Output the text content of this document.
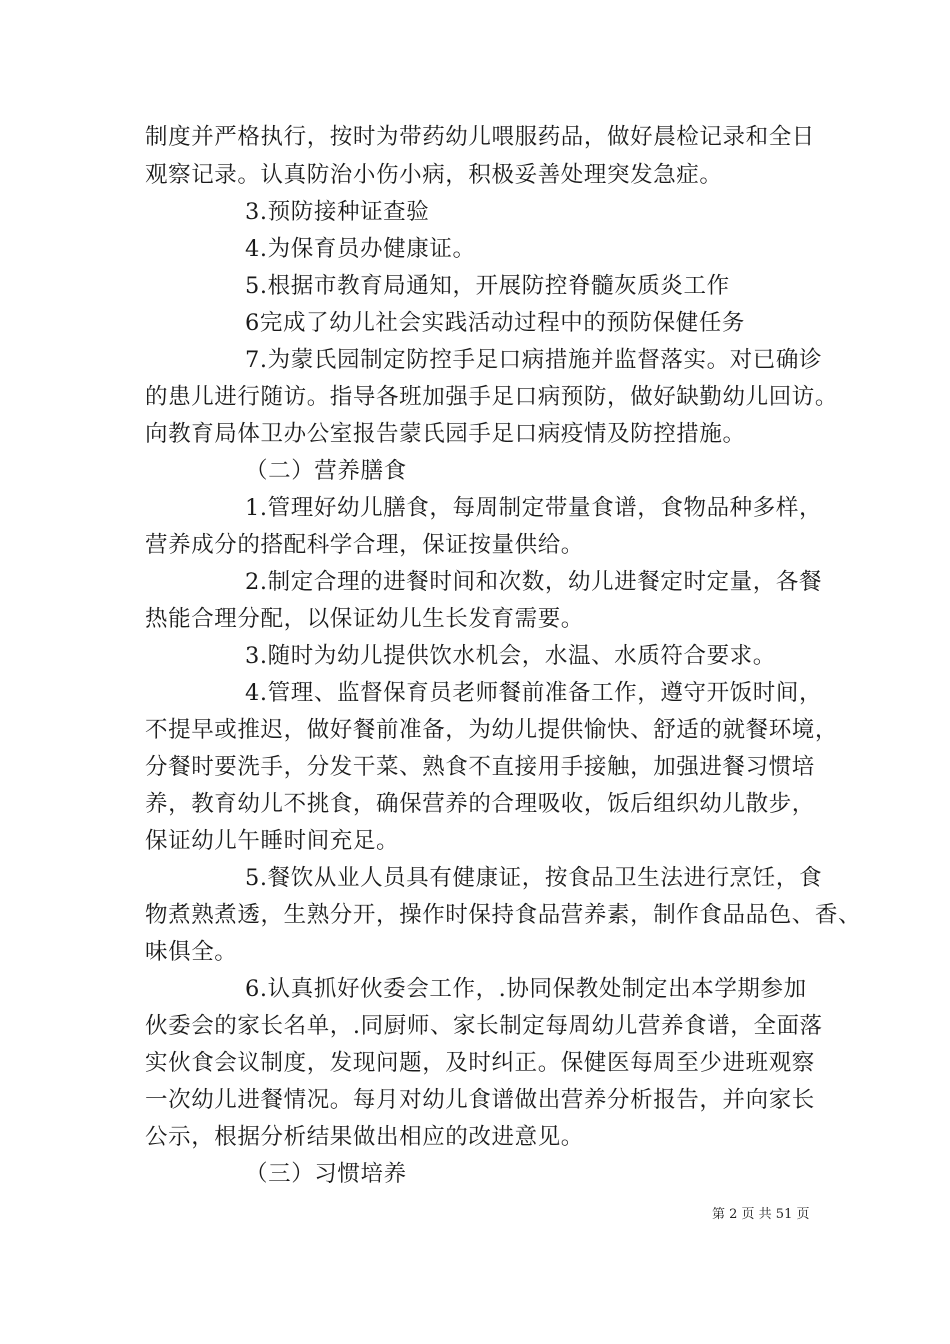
制度并严格执行，按时为带药幼儿喂服药品，做好晨检记录和全日
观察记录。认真防治小伤小病，积极妥善处理突发急症。
3.预防接种证查验
4.为保育员办健康证。
5.根据市教育局通知，开展防控脊髓灰质炎工作
6完成了幼儿社会实践活动过程中的预防保健任务
7.为蒙氏园制定防控手足口病措施并监督落实。对已确诊
的患儿进行随访。指导各班加强手足口病预防，做好缺勤幼儿回访。
向教育局体卫办公室报告蒙氏园手足口病疫情及防控措施。
（二）营养膳食
1.管理好幼儿膳食，每周制定带量食谱，食物品种多样，
营养成分的搭配科学合理，保证按量供给。
2.制定合理的进餐时间和次数，幼儿进餐定时定量，各餐
热能合理分配，以保证幼儿生长发育需要。
3.随时为幼儿提供饮水机会，水温、水质符合要求。
4.管理、监督保育员老师餐前准备工作，遵守开饭时间，
不提早或推迟，做好餐前准备，为幼儿提供愉快、舒适的就餐环境，
分餐时要洗手，分发干菜、熟食不直接用手接触，加强进餐习惯培
养，教育幼儿不挑食，确保营养的合理吸收，饭后组织幼儿散步，
保证幼儿午睡时间充足。
5.餐饮从业人员具有健康证，按食品卫生法进行烹饪，食
物煮熟煮透，生熟分开，操作时保持食品营养素，制作食品品色、香、
味俱全。
6.认真抓好伙委会工作，.协同保教处制定出本学期参加
伙委会的家长名单，.同厨师、家长制定每周幼儿营养食谱，全面落
实伙食会议制度，发现问题，及时纠正。保健医每周至少进班观察
一次幼儿进餐情况。每月对幼儿食谱做出营养分析报告，并向家长
公示，根据分析结果做出相应的改进意见。
（三）习惯培养
第 2 页 共 51 页
